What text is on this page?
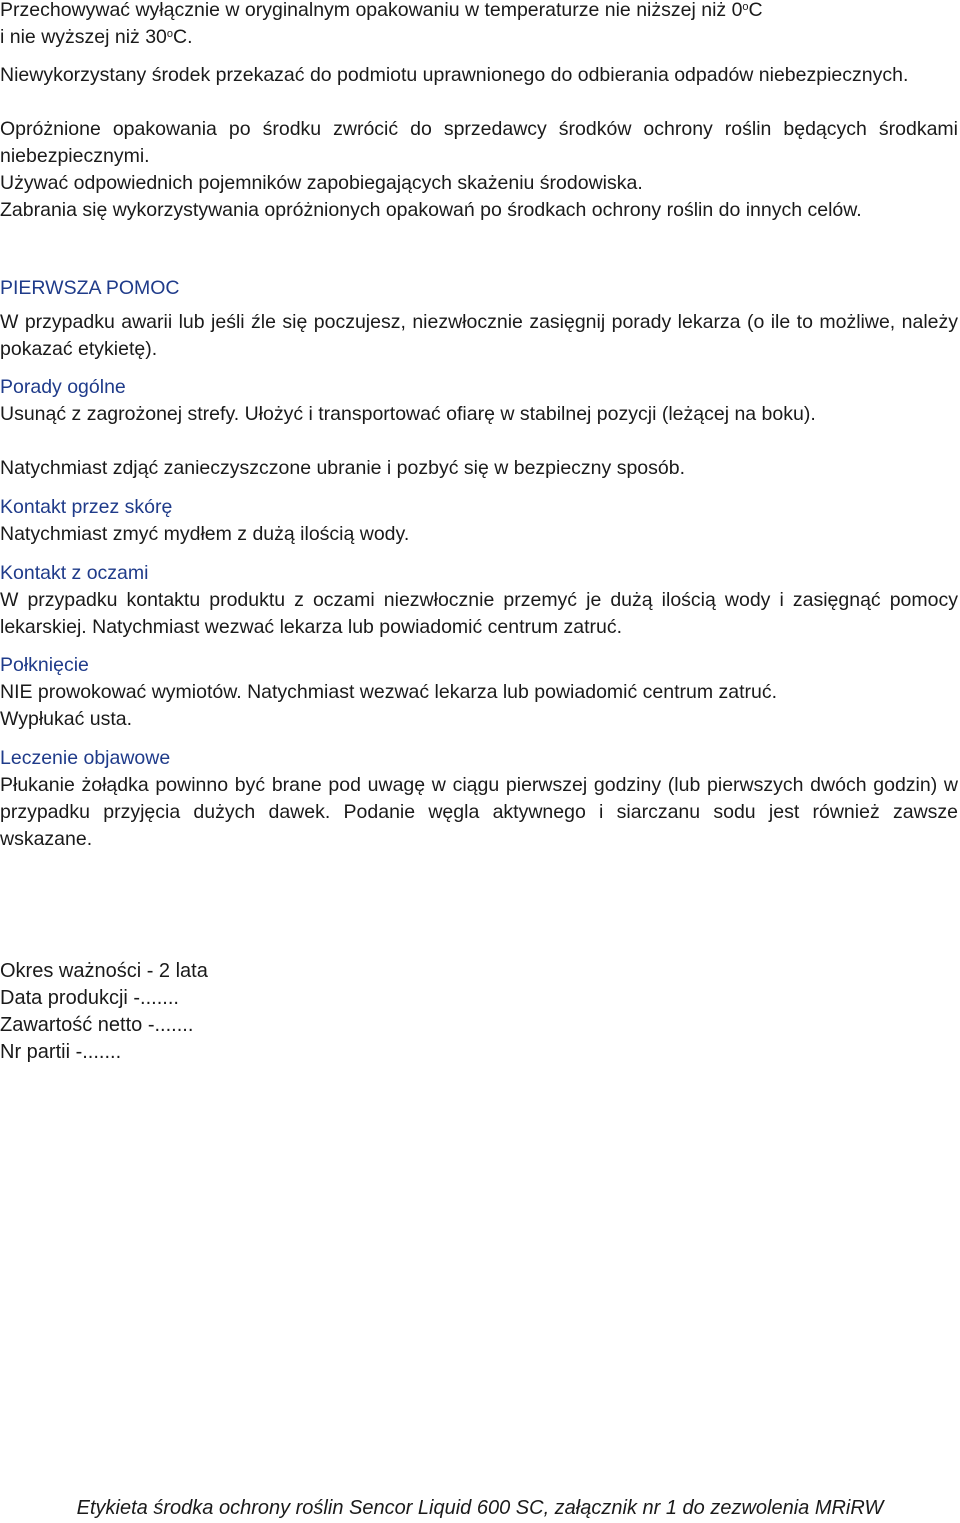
Przechowywać wyłącznie w oryginalnym opakowaniu w temperaturze nie niższej niż 0$^o$C
i nie wyższej niż 30$^o$C.

Niewykorzystany środek przekazać do podmiotu uprawnionego do odbierania odpadów niebezpiecznych.

Opróżnione opakowania po środku zwrócić do sprzedawcy środków ochrony roślin będących środkami niebezpiecznymi.

Używać odpowiednich pojemników zapobiegających skażeniu środowiska.

Zabrania się wykorzystywania opróżnionych opakowań po środkach ochrony roślin do innych celów.

PIERWSZA POMOC

W przypadku awarii lub jeśli źle się poczujesz, niezwłocznie zasięgnij porady lekarza (o ile to możliwe, należy pokazać etykietę).

Porady ogólne

Usunąć z zagrożonej strefy. Ułożyć i transportować ofiarę w stabilnej pozycji (leżącej na boku).

Natychmiast zdjąć zanieczyszczone ubranie i pozbyć się w bezpieczny sposób.

Kontakt przez skórę

Natychmiast zmyć mydłem z dużą ilością wody.

Kontakt z oczami

W przypadku kontaktu produktu z oczami niezwłocznie przemyć je dużą ilością wody i zasięgnąć pomocy lekarskiej. Natychmiast wezwać lekarza lub powiadomić centrum zatruć.

Połknięcie

NIE prowokować wymiotów. Natychmiast wezwać lekarza lub powiadomić centrum zatruć.

Wypłukać usta.

Leczenie objawowe

Płukanie żołądka powinno być brane pod uwagę w ciągu pierwszej godziny (lub pierwszych dwóch godzin) w przypadku przyjęcia dużych dawek. Podanie węgla aktywnego i siarczanu sodu jest również zawsze wskazane.

Okres ważności - 2 lata
Data produkcji -.......
Zawartość netto -.......
Nr partii -.......
Etykieta środka ochrony roślin Sencor Liquid 600 SC, załącznik nr 1 do zezwolenia MRiRW
